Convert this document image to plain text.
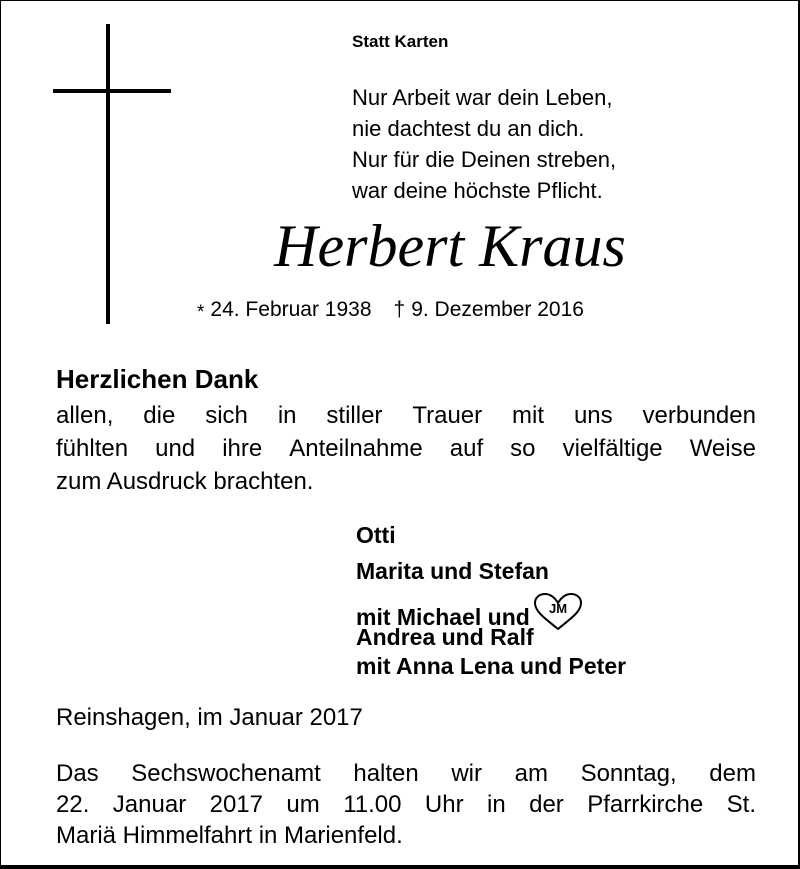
Statt Karten
Nur Arbeit war dein Leben,
nie dachtest du an dich.
Nur für die Deinen streben,
war deine höchste Pflicht.
Herbert Kraus
* 24. Februar 1938 † 9. Dezember 2016
Herzlichen Dank
allen, die sich in stiller Trauer mit uns verbunden
fühlten und ihre Anteilnahme auf so vielfältige Weise
zum Ausdruck brachten.
Otti
Marita und Stefan
mit Michael und JM
Andrea und Ralf
mit Anna Lena und Peter
Reinshagen, im Januar 2017
Das Sechswochenamt halten wir am Sonntag, dem
22. Januar 2017 um 11.00 Uhr in der Pfarrkirche St.
Mariä Himmelfahrt in Marienfeld.
